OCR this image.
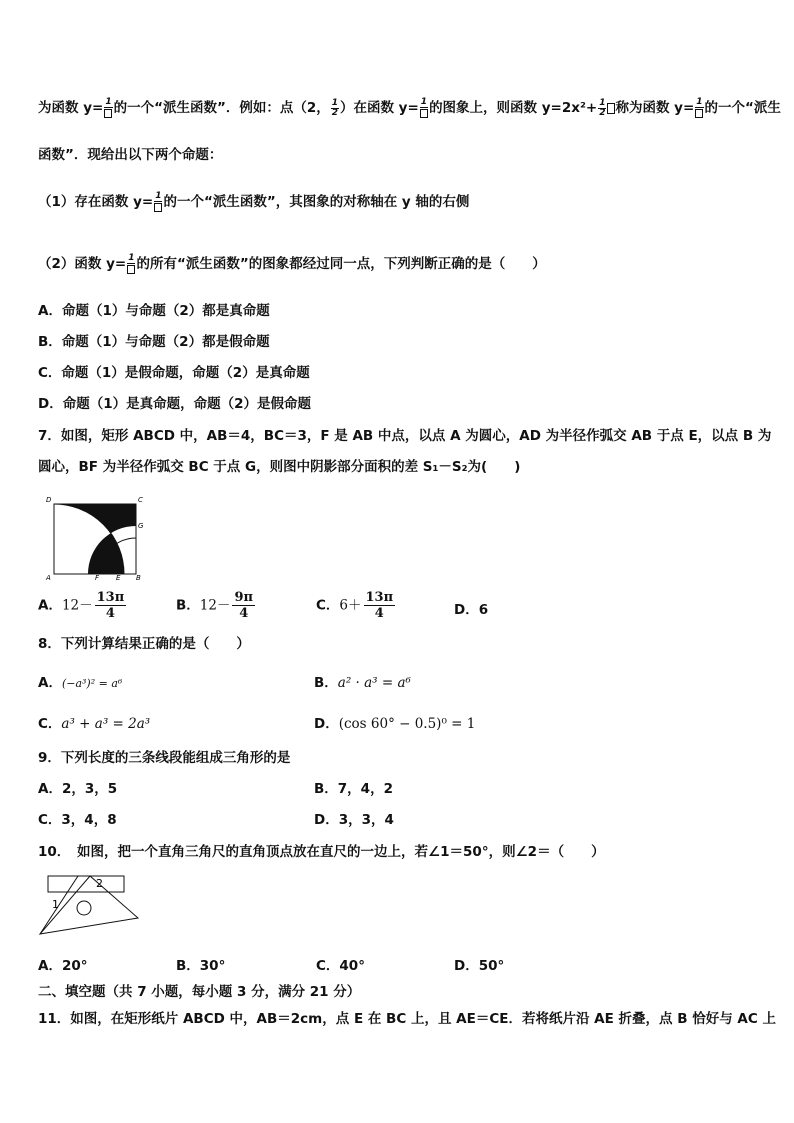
为函数 y= 1 的一个“派生函数”．例如：点（2， $\frac{1}{2}$ ）在函数 y= 1 的图象上，则函数 $y=2x^2+ \frac{1}{2}$ 称为函数 y= 1 的一个“派生
函数”．现给出以下两个命题：
（1）存在函数 y= 1 的一个“派生函数”，其图象的对称轴在 y 轴的右侧
（2）函数 y= 1 的所有“派生函数”的图象都经过同一点，下列判断正确的是（　　）
A．命题（1）与命题（2）都是真命题
B．命题（1）与命题（2）都是假命题
C．命题（1）是假命题，命题（2）是真命题
D．命题（1）是真命题，命题（2）是假命题
7．如图，矩形 ABCD 中，AB＝4，BC＝3，F 是 AB 中点，以点 A 为圆心，AD 为半径作弧交 AB 于点 E，以点 B 为
圆心，BF 为半径作弧交 BC 于点 G，则图中阴影部分面积的差 S₁－S₂为(　　)
D	C
G
A	F E B
A．$12- \frac{13\pi}{4}$	B．$12- \frac{9\pi}{4}$	C．$6+ \frac{13\pi}{4}$	D．6
8．下列计算结果正确的是（　　）
A．(−a³)² = a⁶	B．a² · a³ = a⁶
C．a³ + a³ = 2a³	D．(cos 60° − 0.5)⁰ = 1
9．下列长度的三条线段能组成三角形的是
A．2，3，5	B．7，4，2
C．3，4，8	D．3，3，4
10．　如图，把一个直角三角尺的直角顶点放在直尺的一边上，若∠1＝50°，则∠2＝（　　）
1
2
A．20°	B．30°	C．40°	D．50°
二、填空题（共 7 小题，每小题 3 分，满分 21 分）
11．如图，在矩形纸片 ABCD 中，AB＝2cm，点 E 在 BC 上，且 AE＝CE．若将纸片沿 AE 折叠，点 B 恰好与 AC 上
